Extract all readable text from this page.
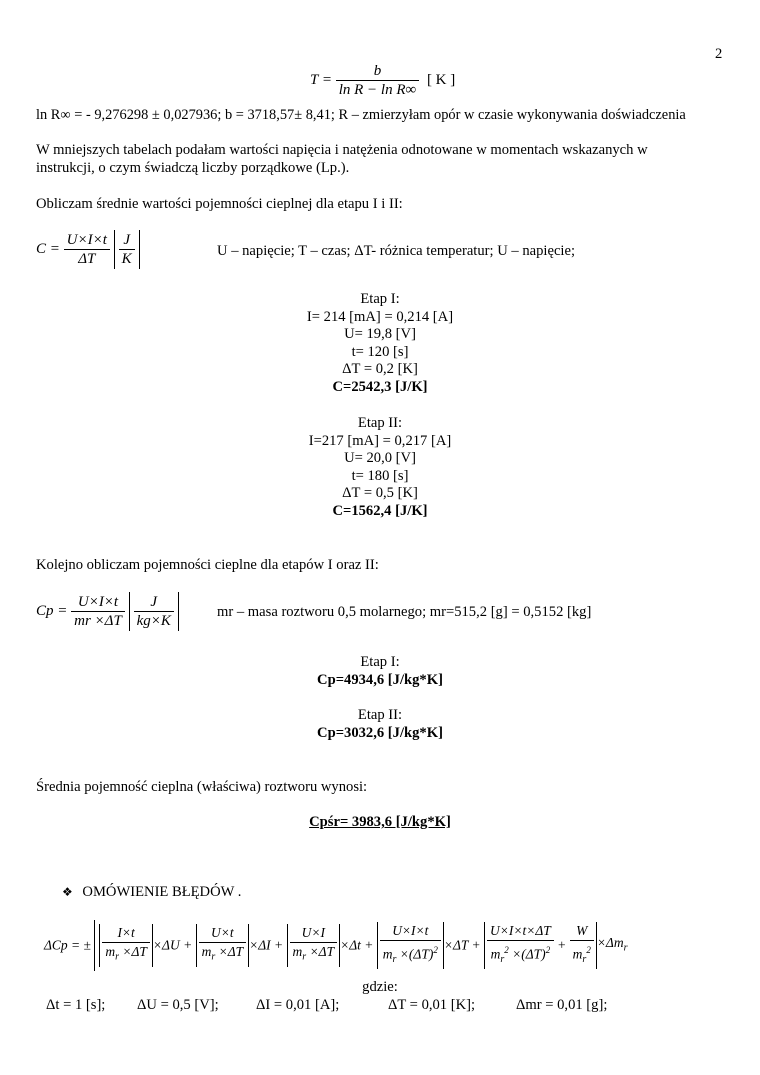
2
$T = \frac{b}{\text{ln R − ln R∞}}$ [ K ]
ln R∞ = - 9,276298 ± 0,027936; b = 3718,57± 8,41; R – zmierzyłam opór w czasie wykonywania doświadczenia
W mniejszych tabelach podałam wartości napięcia i natężenia odnotowane w momentach wskazanych w
instrukcji, o czym świadczą liczby porządkowe (Lp.).
Obliczam średnie wartości pojemności cieplnej dla etapu I i II:
$C = \frac{U\times I\times t}{\Delta T}$
$\frac{J}{K}$	U – napięcie; T – czas; ΔT- różnica temperatur; U – napięcie;
Etap I:
I= 214 [mA] = 0,214 [A]
U= 19,8 [V]
t= 120 [s]
ΔT = 0,2 [K]
C=2542,3 [J/K]
Etap II:
I=217 [mA] = 0,217 [A]
U= 20,0 [V]
t= 180 [s]
ΔT = 0,5 [K]
C=1562,4 [J/K]
Kolejno obliczam pojemności cieplne dla etapów I oraz II:
$Cp = \frac{U\times I\times t}{mr \times\Delta T}$
$\frac{J}{kg\times K}$	mr – masa roztworu 0,5 molarnego; mr=515,2 [g] = 0,5152 [kg]
Etap I:
Cp=4934,6 [J/kg*K]
Etap II:
Cp=3032,6 [J/kg*K]
Średnia pojemność cieplna (właściwa) roztworu wynosi:
Cpśr= 3983,6 [J/kg*K]
❖ OMÓWIENIE BŁĘDÓW .
ΔCp = ± $\frac{I\times t}{m_r \times\Delta T} \times\Delta U + \frac{U\times t}{m_r \times\Delta T} \times\Delta I + \frac{U\times I}{m_r \times\Delta T} \times\Delta t + \frac{U\times I\times t}{m_r \times(\Delta T)^2} \times\Delta T + \frac{U\times I\times t\times\Delta T}{m_r^2 \times(\Delta T)^2} + \frac{W}{m_r^2} \times\Delta m_r$
gdzie:
Δt = 1 [s]; ΔU = 0,5 [V];	ΔI = 0,01 [A];	ΔT = 0,01 [K];	Δmr = 0,01 [g];
